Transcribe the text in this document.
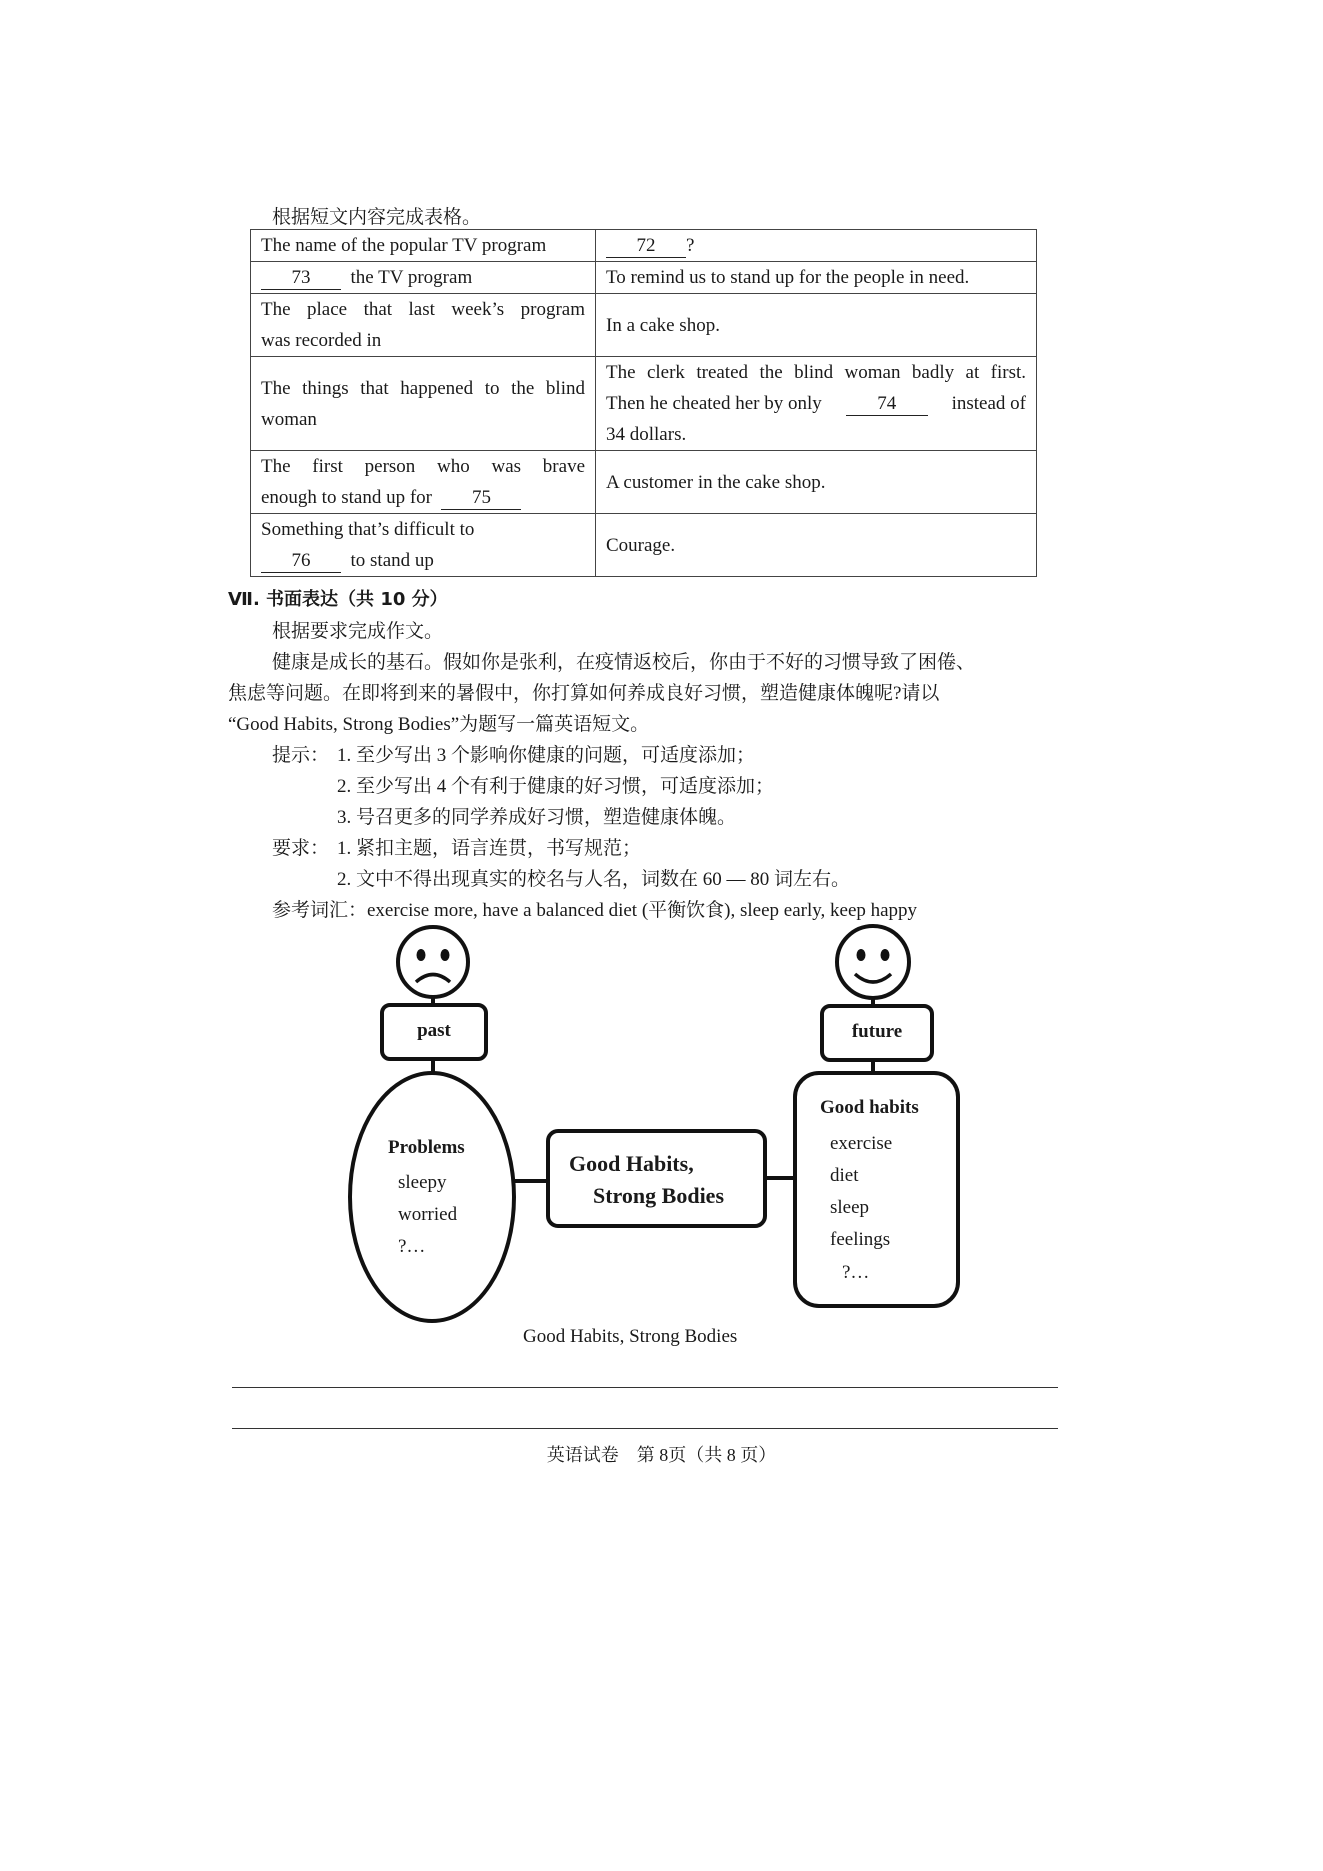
根据短文内容完成表格。
The name of the popular TV program	72 ?
73 the TV program	To remind us to stand up for the people in need.

The place that last week’s program
was recorded in	In a cake shop.

The things that happened to the blind
woman	The clerk treated the blind woman badly at first.
Then he cheated her by only 74 instead of
34 dollars.

The first person who was brave
enough to stand up for 75	A customer in the cake shop.

Something that’s difficult to
76 to stand up	Courage.
Ⅶ. 书面表达（共 10 分）
根据要求完成作文。
健康是成长的基石。假如你是张利，在疫情返校后，你由于不好的习惯导致了困倦、
焦虑等问题。在即将到来的暑假中，你打算如何养成良好习惯，塑造健康体魄呢?请以
“Good Habits, Strong Bodies”为题写一篇英语短文。
提示： 1. 至少写出 3 个影响你健康的问题，可适度添加；
2. 至少写出 4 个有利于健康的好习惯，可适度添加；
3. 号召更多的同学养成好习惯，塑造健康体魄。
要求： 1. 紧扣主题，语言连贯，书写规范；
2. 文中不得出现真实的校名与人名，词数在 60 — 80 词左右。
参考词汇：exercise more, have a balanced diet (平衡饮食), sleep early, keep happy
past	future
Problems
sleepy
worried
?…
Good Habits,
Strong Bodies
Good habits
exercise
diet
sleep
feelings
?…
Good Habits, Strong Bodies
英语试卷　第 8页（共 8 页）
